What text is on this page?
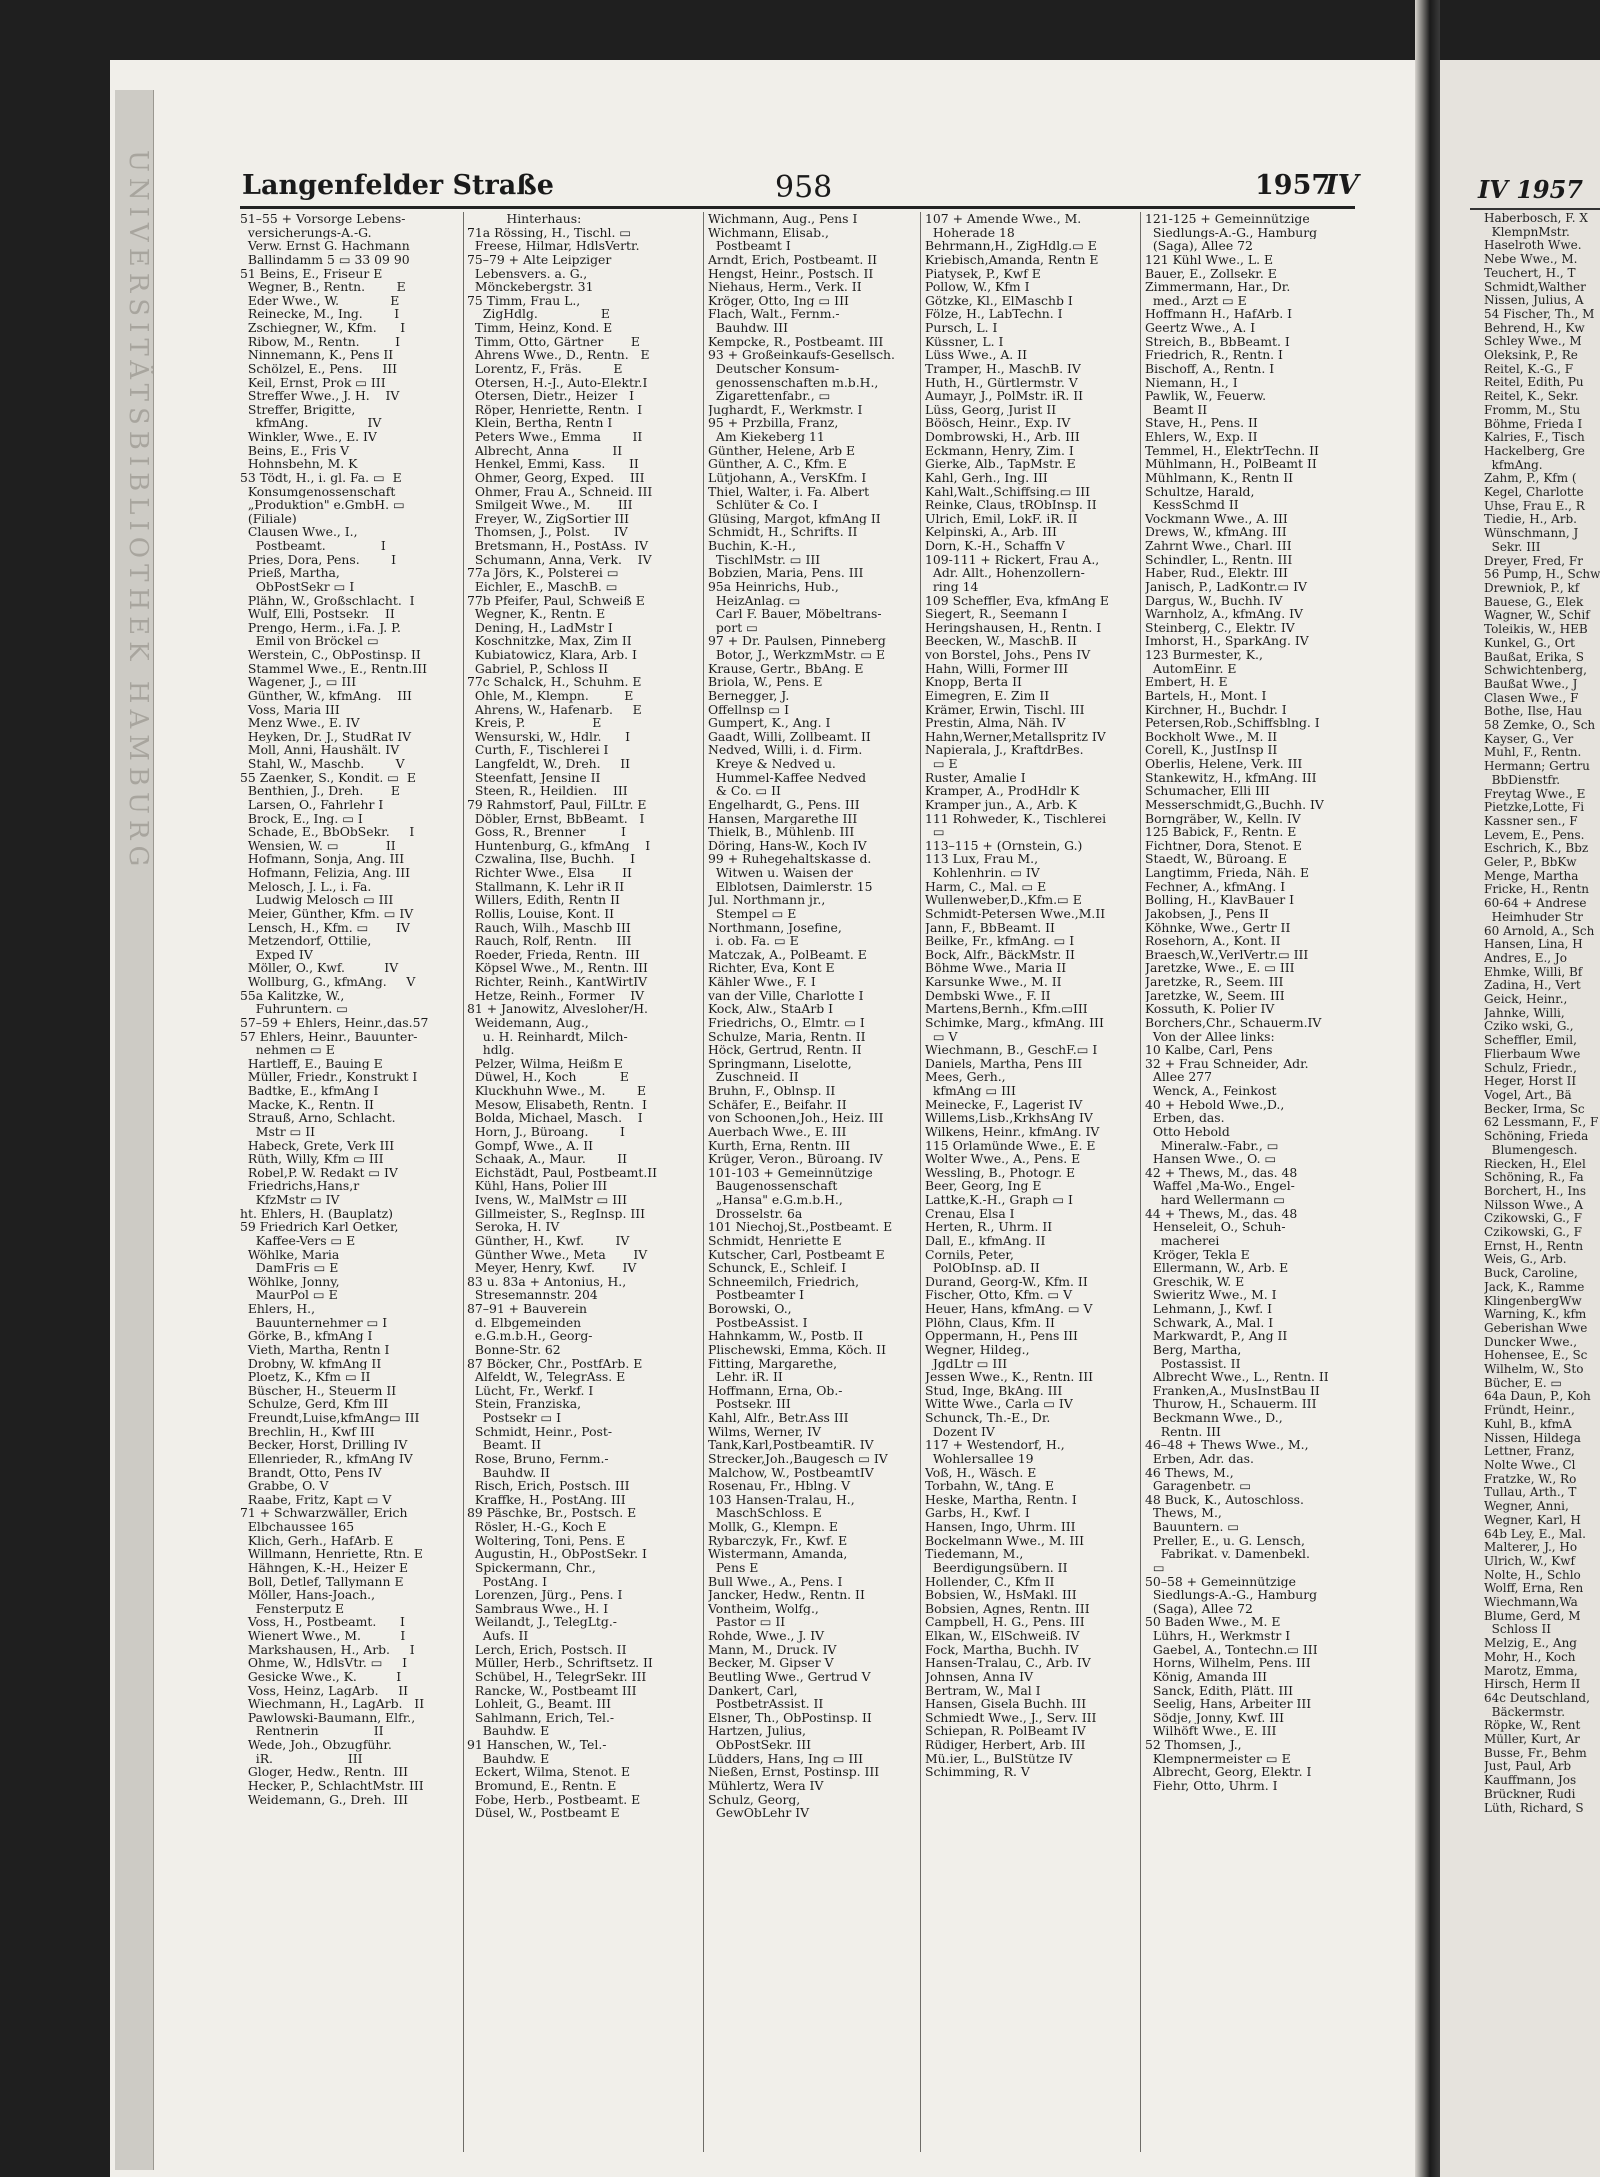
UNIVERSITÄTSBIBLIOTHEK HAMBURG	Langenfelder Straße	958	1957
IV
51–55 + Vorsorge Lebens-
versicherungs-A.-G.
Verw. Ernst G. Hachmann
Ballindamm 5 ▭ 33 09 90
51 Beins, E., Friseur E
Wegner, B., Rentn.        E
Eder Wwe., W.             E
Reinecke, M., Ing.        I
Zschiegner, W., Kfm.      I
Ribow, M., Rentn.         I
Ninnemann, K., Pens II
Schölzel, E., Pens.     III
Keil, Ernst, Prok ▭ III
Streffer Wwe., J. H.    IV
Streffer, Brigitte,
kfmAng.               IV
Winkler, Wwe., E. IV
Beins, E., Fris V
Hohnsbehn, M. K
53 Tödt, H., i. gl. Fa. ▭  E
Konsumgenossenschaft
„Produktion" e.GmbH. ▭
(Filiale)
Clausen Wwe., I.,
Postbeamt.              I
Pries, Dora, Pens.        I
Prieß, Martha,
ObPostSekr ▭ I
Plähn, W., Großschlacht.  I
Wulf, Elli, Postsekr.    II
Prengo, Herm., i.Fa. J. P.
Emil von Bröckel ▭
Werstein, C., ObPostinsp. II
Stammel Wwe., E., Rentn.III
Wagener, J., ▭ III
Günther, W., kfmAng.    III
Voss, Maria III
Menz Wwe., E. IV
Heyken, Dr. J., StudRat IV
Moll, Anni, Haushält. IV
Stahl, W., Maschb.        V
55 Zaenker, S., Kondit. ▭  E
Benthien, J., Dreh.       E
Larsen, O., Fahrlehr I
Brock, E., Ing. ▭ I
Schade, E., BbObSekr.     I
Wensien, W. ▭            II
Hofmann, Sonja, Ang. III
Hofmann, Felizia, Ang. III
Melosch, J. L., i. Fa.
Ludwig Melosch ▭ III
Meier, Günther, Kfm. ▭ IV
Lensch, H., Kfm. ▭       IV
Metzendorf, Ottilie,
Exped IV
Möller, O., Kwf.          IV
Wollburg, G., kfmAng.     V
55a Kalitzke, W.,
Fuhruntern. ▭
57–59 + Ehlers, Heinr.,das.57
57 Ehlers, Heinr., Bauunter-
nehmen ▭ E
Hartleff, E., Bauing E
Müller, Friedr., Konstrukt I
Badtke, E., kfmAng I
Macke, K., Rentn. II
Strauß, Arno, Schlacht.
Mstr ▭ II
Habeck, Grete, Verk III
Rüth, Willy, Kfm ▭ III
Robel,P. W. Redakt ▭ IV
Friedrichs,Hans,r
KfzMstr ▭ IV
ht. Ehlers, H. (Bauplatz)
59 Friedrich Karl Oetker,
Kaffee-Vers ▭ E
Wöhlke, Maria
DamFris ▭ E
Wöhlke, Jonny,
MaurPol ▭ E
Ehlers, H.,
Bauunternehmer ▭ I
Görke, B., kfmAng I
Vieth, Martha, Rentn I
Drobny, W. kfmAng II
Ploetz, K., Kfm ▭ II
Büscher, H., Steuerm II
Schulze, Gerd, Kfm III
Freundt,Luise,kfmAng▭ III
Brechlin, H., Kwf III
Becker, Horst, Drilling IV
Ellenrieder, R., kfmAng IV
Brandt, Otto, Pens IV
Grabbe, O. V
Raabe, Fritz, Kapt ▭ V
71 + Schwarzwäller, Erich
Elbchaussee 165
Klich, Gerh., HafArb. E
Willmann, Henriette, Rtn. E
Hähngen, K.-H., Heizer E
Boll, Detlef, Tallymann E
Möller, Hans-Joach.,
Fensterputz E
Voss, H., Postbeamt.      I
Wienert Wwe., M.          I
Markshausen, H., Arb.     I
Ohme, W., HdlsVtr. ▭     I
Gesicke Wwe., K.          I
Voss, Heinz, LagArb.     II
Wiechmann, H., LagArb.   II
Pawlowski-Baumann, Elfr.,
Rentnerin              II
Wede, Joh., Obzugführ.
iR.                   III
Gloger, Hedw., Rentn.  III
Hecker, P., SchlachtMstr. III
Weidemann, G., Dreh.  III
Hinterhaus:
71a Rössing, H., Tischl. ▭
Freese, Hilmar, HdlsVertr.
75–79 + Alte Leipziger
Lebensvers. a. G.,
Mönckebergstr. 31
75 Timm, Frau L.,
ZigHdlg.                E
Timm, Heinz, Kond. E
Timm, Otto, Gärtner       E
Ahrens Wwe., D., Rentn.   E
Lorentz, F., Fräs.        E
Otersen, H.-J., Auto-Elektr.I
Otersen, Dietr., Heizer   I
Röper, Henriette, Rentn.  I
Klein, Bertha, Rentn I
Peters Wwe., Emma        II
Albrecht, Anna           II
Henkel, Emmi, Kass.      II
Ohmer, Georg, Exped.    III
Ohmer, Frau A., Schneid. III
Smilgeit Wwe., M.       III
Freyer, W., ZigSortier III
Thomsen, J., Polst.      IV
Bretsmann, H., PostAss.  IV
Schumann, Anna, Verk.    IV
77a Jörs, K., Polsterei ▭
Eichler, E., MaschB. ▭
77b Pfeifer, Paul, Schweiß E
Wegner, K., Rentn. E
Dening, H., LadMstr I
Koschnitzke, Max, Zim II
Kubiatowicz, Klara, Arb. I
Gabriel, P., Schloss II
77c Schalck, H., Schuhm. E
Ohle, M., Klempn.         E
Ahrens, W., Hafenarb.     E
Kreis, P.                 E
Wensurski, W., Hdlr.      I
Curth, F., Tischlerei I
Langfeldt, W., Dreh.     II
Steenfatt, Jensine II
Steen, R., Heildien.    III
79 Rahmstorf, Paul, FilLtr. E
Döbler, Ernst, BbBeamt.   I
Goss, R., Brenner         I
Huntenburg, G., kfmAng    I
Czwalina, Ilse, Buchh.    I
Richter Wwe., Elsa       II
Stallmann, K. Lehr iR II
Willers, Edith, Rentn II
Rollis, Louise, Kont. II
Rauch, Wilh., Maschb III
Rauch, Rolf, Rentn.     III
Roeder, Frieda, Rentn.  III
Köpsel Wwe., M., Rentn. III
Richter, Reinh., KantWirtIV
Hetze, Reinh., Former    IV
81 + Janowitz, Alvesloher/H.
Weidemann, Aug.,
u. H. Reinhardt, Milch-
hdlg.
Pelzer, Wilma, Heißm E
Düwel, H., Koch           E
Kluckhuhn Wwe., M.        E
Mesow, Elisabeth, Rentn.  I
Bolda, Michael, Masch.    I
Horn, J., Büroang.        I
Gompf, Wwe., A. II
Schaak, A., Maur.        II
Eichstädt, Paul, Postbeamt.II
Kühl, Hans, Polier III
Ivens, W., MalMstr ▭ III
Gillmeister, S., RegInsp. III
Seroka, H. IV
Günther, H., Kwf.        IV
Günther Wwe., Meta       IV
Meyer, Henry, Kwf.       IV
83 u. 83a + Antonius, H.,
Stresemannstr. 204
87–91 + Bauverein
d. Elbgemeinden
e.G.m.b.H., Georg-
Bonne-Str. 62
87 Böcker, Chr., PostfArb. E
Alfeldt, W., TelegrAss. E
Lücht, Fr., Werkf. I
Stein, Franziska,
Postsekr ▭ I
Schmidt, Heinr., Post-
Beamt. II
Rose, Bruno, Fernm.-
Bauhdw. II
Risch, Erich, Postsch. III
Kraffke, H., PostAng. III
89 Päschke, Br., Postsch. E
Rösler, H.-G., Koch E
Woltering, Toni, Pens. E
Augustin, H., ObPostSekr. I
Spickermann, Chr.,
PostAng. I
Lorenzen, Jürg., Pens. I
Sambraus Wwe., H. I
Weilandt, J., TelegLtg.-
Aufs. II
Lerch, Erich, Postsch. II
Müller, Herb., Schriftsetz. II
Schübel, H., TelegrSekr. III
Rancke, W., Postbeamt III
Lohleit, G., Beamt. III
Sahlmann, Erich, Tel.-
Bauhdw. E
91 Hanschen, W., Tel.-
Bauhdw. E
Eckert, Wilma, Stenot. E
Bromund, E., Rentn. E
Fobe, Herb., Postbeamt. E
Düsel, W., Postbeamt E
Wichmann, Aug., Pens I
Wichmann, Elisab.,
Postbeamt I
Arndt, Erich, Postbeamt. II
Hengst, Heinr., Postsch. II
Niehaus, Herm., Verk. II
Kröger, Otto, Ing ▭ III
Flach, Walt., Fernm.-
Bauhdw. III
Kempcke, R., Postbeamt. III
93 + Großeinkaufs-Gesellsch.
Deutscher Konsum-
genossenschaften m.b.H.,
Zigarettenfabr., ▭
Jughardt, F., Werkmstr. I
95 + Przbilla, Franz,
Am Kiekeberg 11
Günther, Helene, Arb E
Günther, A. C., Kfm. E
Lütjohann, A., VersKfm. I
Thiel, Walter, i. Fa. Albert
Schlüter & Co. I
Glüsing, Margot, kfmAng II
Schmidt, H., Schrifts. II
Buchin, K.-H.,
TischlMstr. ▭ III
Bobzien, Maria, Pens. III
95a Heinrichs, Hub.,
HeizAnlag. ▭
Carl F. Bauer, Möbeltrans-
port ▭
97 + Dr. Paulsen, Pinneberg
Botor, J., WerkzmMstr. ▭ E
Krause, Gertr., BbAng. E
Briola, W., Pens. E
Bernegger, J.
Offellnsp ▭ I
Gumpert, K., Ang. I
Gaadt, Willi, Zollbeamt. II
Nedved, Willi, i. d. Firm.
Kreye & Nedved u.
Hummel-Kaffee Nedved
& Co. ▭ II
Engelhardt, G., Pens. III
Hansen, Margarethe III
Thielk, B., Mühlenb. III
Döring, Hans-W., Koch IV
99 + Ruhegehaltskasse d.
Witwen u. Waisen der
Elblotsen, Daimlerstr. 15
Jul. Northmann jr.,
Stempel ▭ E
Northmann, Josefine,
i. ob. Fa. ▭ E
Matczak, A., PolBeamt. E
Richter, Eva, Kont E
Kähler Wwe., F. I
van der Ville, Charlotte I
Kock, Alw., StaArb I
Friedrichs, O., Elmtr. ▭ I
Schulze, Maria, Rentn. II
Höck, Gertrud, Rentn. II
Springmann, Liselotte,
Zuschneid. II
Bruhn, F., Oblnsp. II
Schäfer, E., Beifahr. II
von Schoonen,Joh., Heiz. III
Auerbach Wwe., E. III
Kurth, Erna, Rentn. III
Krüger, Veron., Büroang. IV
101-103 + Gemeinnützige
Baugenossenschaft
„Hansa" e.G.m.b.H.,
Drosselstr. 6a
101 Niechoj,St.,Postbeamt. E
Schmidt, Henriette E
Kutscher, Carl, Postbeamt E
Schunck, E., Schleif. I
Schneemilch, Friedrich,
Postbeamter I
Borowski, O.,
PostbeAssist. I
Hahnkamm, W., Postb. II
Plischewski, Emma, Köch. II
Fitting, Margarethe,
Lehr. iR. II
Hoffmann, Erna, Ob.-
Postsekr. III
Kahl, Alfr., Betr.Ass III
Wilms, Werner, IV
Tank,Karl,PostbeamtiR. IV
Strecker,Joh.,Baugesch ▭ IV
Malchow, W., PostbeamtIV
Rosenau, Fr., Hblng. V
103 Hansen-Tralau, H.,
MaschSchloss. E
Mollk, G., Klempn. E
Rybarczyk, Fr., Kwf. E
Wistermann, Amanda,
Pens E
Bull Wwe., A., Pens. I
Jancker, Hedw., Rentn. II
Vontheim, Wolfg.,
Pastor ▭ II
Rohde, Wwe., J. IV
Mann, M., Druck. IV
Becker, M. Gipser V
Beutling Wwe., Gertrud V
Dankert, Carl,
PostbetrAssist. II
Elsner, Th., ObPostinsp. II
Hartzen, Julius,
ObPostSekr. III
Lüdders, Hans, Ing ▭ III
Nießen, Ernst, Postinsp. III
Mühlertz, Wera IV
Schulz, Georg,
GewObLehr IV
107 + Amende Wwe., M.
Hoherade 18
Behrmann,H., ZigHdlg.▭ E
Kriebisch,Amanda, Rentn E
Piatysek, P., Kwf E
Pollow, W., Kfm I
Götzke, Kl., ElMaschb I
Fölze, H., LabTechn. I
Pursch, L. I
Küssner, L. I
Lüss Wwe., A. II
Tramper, H., MaschB. IV
Huth, H., Gürtlermstr. V
Aumayr, J., PolMstr. iR. II
Lüss, Georg, Jurist II
Böösch, Heinr., Exp. IV
Dombrowski, H., Arb. III
Eckmann, Henry, Zim. I
Gierke, Alb., TapMstr. E
Kahl, Gerh., Ing. III
Kahl,Walt.,Schiffsing.▭ III
Reinke, Claus, tRObInsp. II
Ulrich, Emil, LokF. iR. II
Kelpinski, A., Arb. III
Dorn, K.-H., Schaffn V
109-111 + Rickert, Frau A.,
Adr. Allt., Hohenzollern-
ring 14
109 Scheffler, Eva, kfmAng E
Siegert, R., Seemann I
Heringshausen, H., Rentn. I
Beecken, W., MaschB. II
von Borstel, Johs., Pens IV
Hahn, Willi, Former III
Knopp, Berta II
Eimegren, E. Zim II
Krämer, Erwin, Tischl. III
Prestin, Alma, Näh. IV
Hahn,Werner,Metallspritz IV
Napierala, J., KraftdrBes.
▭ E
Ruster, Amalie I
Kramper, A., ProdHdlr K
Kramper jun., A., Arb. K
111 Rohweder, K., Tischlerei
▭
113–115 + (Ornstein, G.)
113 Lux, Frau M.,
Kohlenhrin. ▭ IV
Harm, C., Mal. ▭ E
Wullenweber,D.,Kfm.▭ E
Schmidt-Petersen Wwe.,M.II
Jann, F., BbBeamt. II
Beilke, Fr., kfmAng. ▭ I
Bock, Alfr., BäckMstr. II
Böhme Wwe., Maria II
Karsunke Wwe., M. II
Dembski Wwe., F. II
Martens,Bernh., Kfm.▭III
Schimke, Marg., kfmAng. III
▭ V
Wiechmann, B., GeschF.▭ I
Daniels, Martha, Pens III
Mees, Gerh.,
kfmAng ▭ III
Meinecke, F., Lagerist IV
Willems,Lisb.,KrkhsAng IV
Wilkens, Heinr., kfmAng. IV
115 Orlamünde Wwe., E. E
Wolter Wwe., A., Pens. E
Wessling, B., Photogr. E
Beer, Georg, Ing E
Lattke,K.-H., Graph ▭ I
Crenau, Elsa I
Herten, R., Uhrm. II
Dall, E., kfmAng. II
Cornils, Peter,
PolObInsp. aD. II
Durand, Georg-W., Kfm. II
Fischer, Otto, Kfm. ▭ V
Heuer, Hans, kfmAng. ▭ V
Plöhn, Claus, Kfm. II
Oppermann, H., Pens III
Wegner, Hildeg.,
JgdLtr ▭ III
Jessen Wwe., K., Rentn. III
Stud, Inge, BkAng. III
Witte Wwe., Carla ▭ IV
Schunck, Th.-E., Dr.
Dozent IV
117 + Westendorf, H.,
Wohlersallee 19
Voß, H., Wäsch. E
Torbahn, W., tAng. E
Heske, Martha, Rentn. I
Garbs, H., Kwf. I
Hansen, Ingo, Uhrm. III
Bockelmann Wwe., M. III
Tiedemann, M.,
Beerdigungsübern. II
Hollender, C., Kfm II
Bobsien, W., HsMakl. III
Bobsien, Agnes, Rentn. III
Campbell, H. G., Pens. III
Elkan, W., ElSchweiß. IV
Fock, Martha, Buchh. IV
Hansen-Tralau, C., Arb. IV
Johnsen, Anna IV
Bertram, W., Mal I
Hansen, Gisela Buchh. III
Schmiedt Wwe., J., Serv. III
Schiepan, R. PolBeamt IV
Rüdiger, Herbert, Arb. III
Mü.ier, L., BulStütze IV
Schimming, R. V
121-125 + Gemeinnützige
Siedlungs-A.-G., Hamburg
(Saga), Allee 72
121 Kühl Wwe., L. E
Bauer, E., Zollsekr. E
Zimmermann, Har., Dr.
med., Arzt ▭ E
Hoffmann H., HafArb. I
Geertz Wwe., A. I
Streich, B., BbBeamt. I
Friedrich, R., Rentn. I
Bischoff, A., Rentn. I
Niemann, H., I
Pawlik, W., Feuerw.
Beamt II
Stave, H., Pens. II
Ehlers, W., Exp. II
Temmel, H., ElektrTechn. II
Mühlmann, H., PolBeamt II
Mühlmann, K., Rentn II
Schultze, Harald,
KessSchmd II
Vockmann Wwe., A. III
Drews, W., kfmAng. III
Zahrnt Wwe., Charl. III
Schindler, L., Rentn. III
Haber, Rud., Elektr. III
Janisch, P., LadKontr.▭ IV
Dargus, W., Buchh. IV
Warnholz, A., kfmAng. IV
Steinberg, C., Elektr. IV
Imhorst, H., SparkAng. IV
123 Burmester, K.,
AutomEinr. E
Embert, H. E
Bartels, H., Mont. I
Kirchner, H., Buchdr. I
Petersen,Rob.,Schiffsblng. I
Bockholt Wwe., M. II
Corell, K., JustInsp II
Oberlis, Helene, Verk. III
Stankewitz, H., kfmAng. III
Schumacher, Elli III
Messerschmidt,G.,Buchh. IV
Borngräber, W., Kelln. IV
125 Babick, F., Rentn. E
Fichtner, Dora, Stenot. E
Staedt, W., Büroang. E
Langtimm, Frieda, Näh. E
Fechner, A., kfmAng. I
Bolling, H., KlavBauer I
Jakobsen, J., Pens II
Köhnke, Wwe., Gertr II
Rosehorn, A., Kont. II
Braesch,W.,VerlVertr.▭ III
Jaretzke, Wwe., E. ▭ III
Jaretzke, R., Seem. III
Jaretzke, W., Seem. III
Kossuth, K. Polier IV
Borchers,Chr., Schauerm.IV
Von der Allee links:
10 Kalbe, Carl, Pens
32 + Frau Schneider, Adr.
Allee 277
Wenck, A., Feinkost
40 + Hebold Wwe.,D.,
Erben, das.
Otto Hebold
Mineralw.-Fabr., ▭
Hansen Wwe., O. ▭
42 + Thews, M., das. 48
Waffel ,Ma-Wo., Engel-
hard Wellermann ▭
44 + Thews, M., das. 48
Henseleit, O., Schuh-
macherei
Kröger, Tekla E
Ellermann, W., Arb. E
Greschik, W. E
Swieritz Wwe., M. I
Lehmann, J., Kwf. I
Schwark, A., Mal. I
Markwardt, P., Ang II
Berg, Martha,
Postassist. II
Albrecht Wwe., L., Rentn. II
Franken,A., MusInstBau II
Thurow, H., Schauerm. III
Beckmann Wwe., D.,
Rentn. III
46–48 + Thews Wwe., M.,
Erben, Adr. das.
46 Thews, M.,
Garagenbetr. ▭
48 Buck, K., Autoschloss.
Thews, M.,
Bauuntern. ▭
Preller, E., u. G. Lensch,
Fabrikat. v. Damenbekl.
▭
50–58 + Gemeinnützige
Siedlungs-A.-G., Hamburg
(Saga), Allee 72
50 Baden Wwe., M. E
Lührs, H., Werkmstr I
Gaebel, A., Tontechn.▭ III
Horns, Wilhelm, Pens. III
König, Amanda III
Sanck, Edith, Plätt. III
Seelig, Hans, Arbeiter III
Södje, Jonny, Kwf. III
Wilhöft Wwe., E. III
52 Thomsen, J.,
Klempnermeister ▭ E
Albrecht, Georg, Elektr. I
Fiehr, Otto, Uhrm. I
IV 1957
Haberbosch, F. X
KlempnMstr.
Haselroth Wwe.
Nebe Wwe., M.
Teuchert, H., T
Schmidt,Walther
Nissen, Julius, A
54 Fischer, Th., M
Behrend, H., Kw
Schley Wwe., M
Oleksink, P., Re
Reitel, K.-G., F
Reitel, Edith, Pu
Reitel, K., Sekr.
Fromm, M., Stu
Böhme, Frieda I
Kalries, F., Tisch
Hackelberg, Gre
kfmAng.
Zahm, P., Kfm (
Kegel, Charlotte
Uhse, Frau E., R
Tiedie, H., Arb.
Wünschmann, J
Sekr. III
Dreyer, Fred, Fr
56 Pump, H., Schw
Drewniok, P., kf
Bauese, G., Elek
Wagner, W., Schif
Toleikis, W., HEB
Kunkel, G., Ort
Baußat, Erika, S
Schwichtenberg,
Baußat Wwe., J
Clasen Wwe., F
Bothe, Ilse, Hau
58 Zemke, O., Sch
Kayser, G., Ver
Muhl, F., Rentn.
Hermann; Gertru
BbDienstfr.
Freytag Wwe., E
Pietzke,Lotte, Fi
Kassner sen., F
Levem, E., Pens.
Eschrich, K., Bbz
Geler, P., BbKw
Menge, Martha
Fricke, H., Rentn
60-64 + Andrese
Heimhuder Str
60 Arnold, A., Sch
Hansen, Lina, H
Andres, E., Jo
Ehmke, Willi, Bf
Zadina, H., Vert
Geick, Heinr.,
Jahnke, Willi,
Cziko wski, G.,
Scheffler, Emil,
Flierbaum Wwe
Schulz, Friedr.,
Heger, Horst II
Vogel, Art., Bä
Becker, Irma, Sc
62 Lessmann, F., F
Schöning, Frieda
Blumengesch.
Riecken, H., Elel
Schöning, R., Fa
Borchert, H., Ins
Nilsson Wwe., A
Czikowski, G., F
Czikowski, G., F
Ernst, H., Rentn
Weis, G., Arb.
Buck, Caroline,
Jack, K., Ramme
KlingenbergWw
Warning, K., kfm
Geberishan Wwe
Duncker Wwe.,
Hohensee, E., Sc
Wilhelm, W., Sto
Bücher, E. ▭
64a Daun, P., Koh
Fründt, Heinr.,
Kuhl, B., kfmA
Nissen, Hildega
Lettner, Franz,
Nolte Wwe., Cl
Fratzke, W., Ro
Tullau, Arth., T
Wegner, Anni,
Wegner, Karl, H
64b Ley, E., Mal.
Malterer, J., Ho
Ulrich, W., Kwf
Nolte, H., Schlo
Wolff, Erna, Ren
Wiechmann,Wa
Blume, Gerd, M
Schloss II
Melzig, E., Ang
Mohr, H., Koch
Marotz, Emma,
Hirsch, Herm II
64c Deutschland,
Bäckermstr.
Röpke, W., Rent
Müller, Kurt, Ar
Busse, Fr., Behm
Just, Paul, Arb
Kauffmann, Jos
Brückner, Rudi
Lüth, Richard, S
